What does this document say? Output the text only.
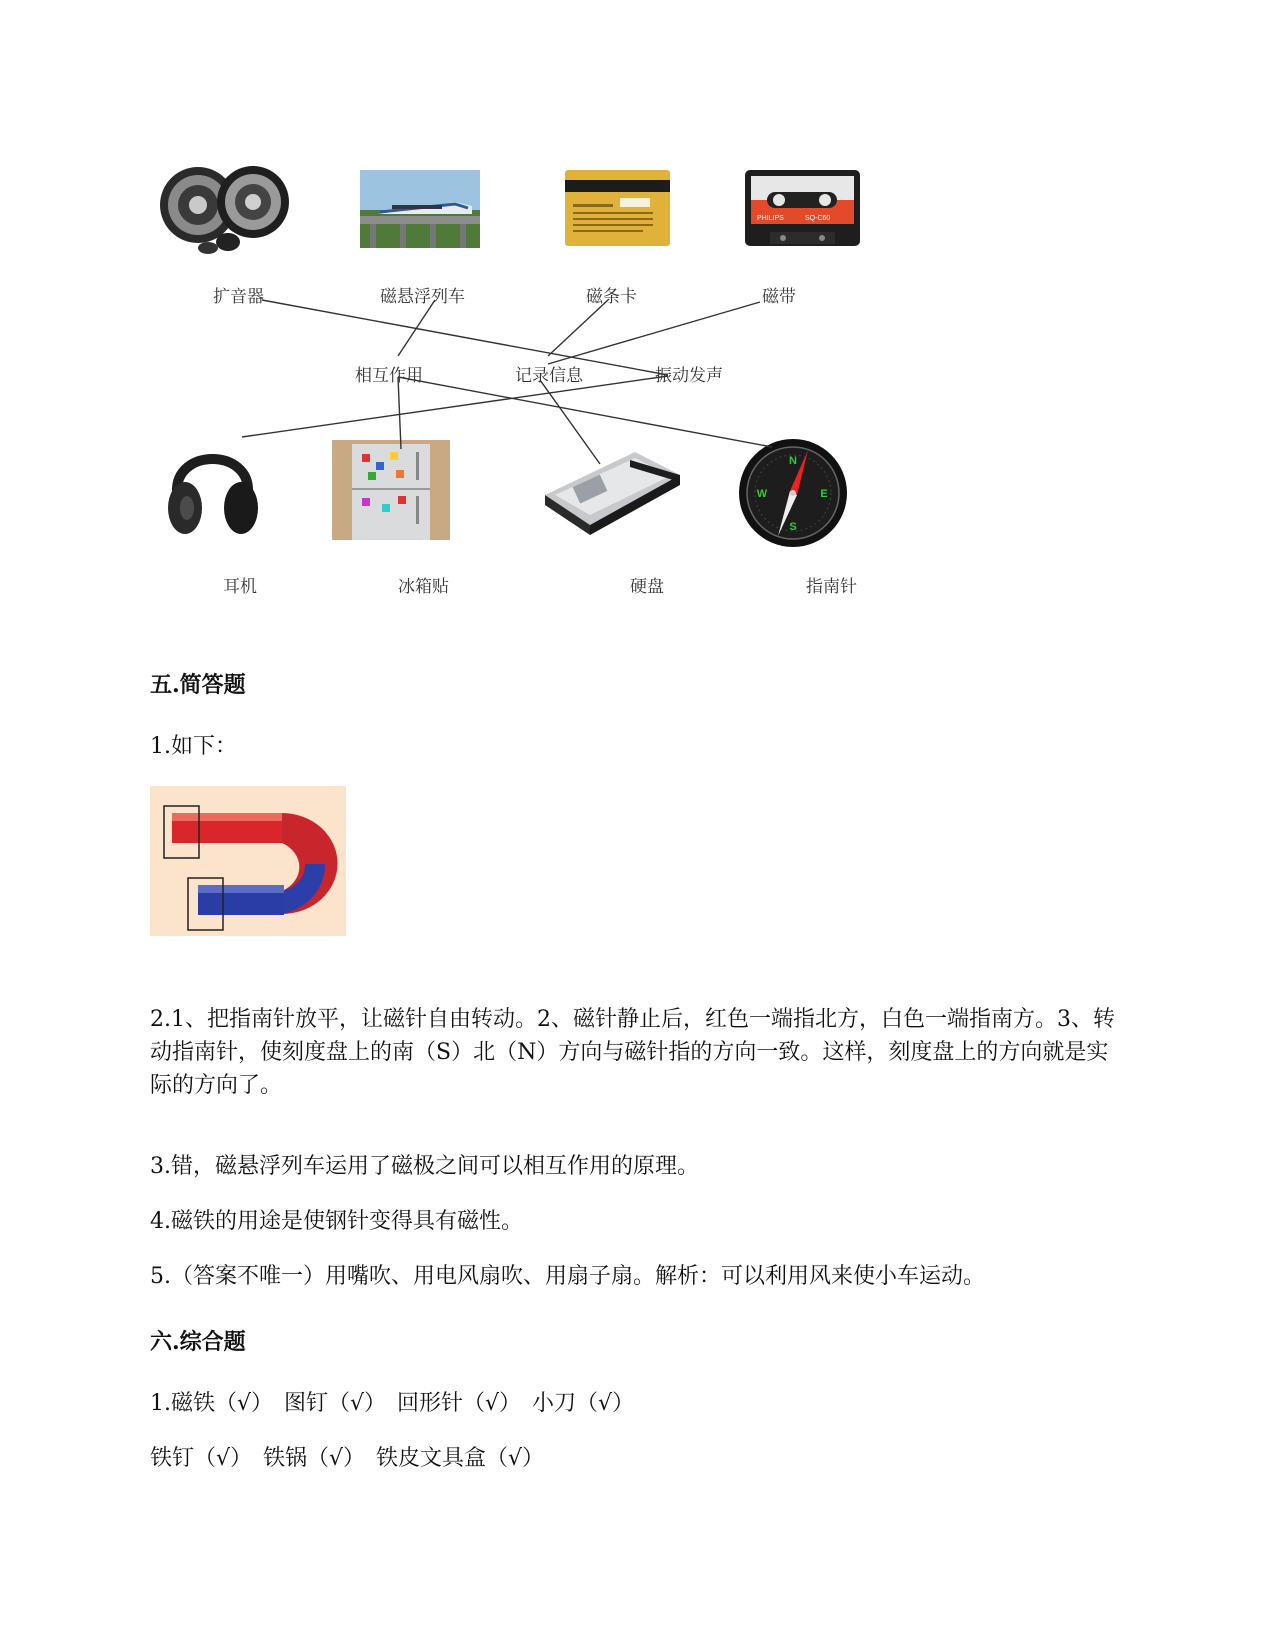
PHILIPS	SQ-C60
N
E
S
W
扩音器	磁悬浮列车	磁条卡	磁带
相互作用	记录信息	振动发声
耳机	冰箱贴	硬盘	指南针
五.简答题
1.如下：
2.1、把指南针放平，让磁针自由转动。2、磁针静止后，红色一端指北方，白色一端指南方。3、转动指南针，使刻度盘上的南（S）北（N）方向与磁针指的方向一致。这样，刻度盘上的方向就是实际的方向了。
3.错，磁悬浮列车运用了磁极之间可以相互作用的原理。
4.磁铁的用途是使钢针变得具有磁性。
5.（答案不唯一）用嘴吹、用电风扇吹、用扇子扇。解析：可以利用风来使小车运动。
六.综合题
1.磁铁（√）　图钉（√）　回形针（√）　小刀（√）
铁钉（√）　铁锅（√）　铁皮文具盒（√）
